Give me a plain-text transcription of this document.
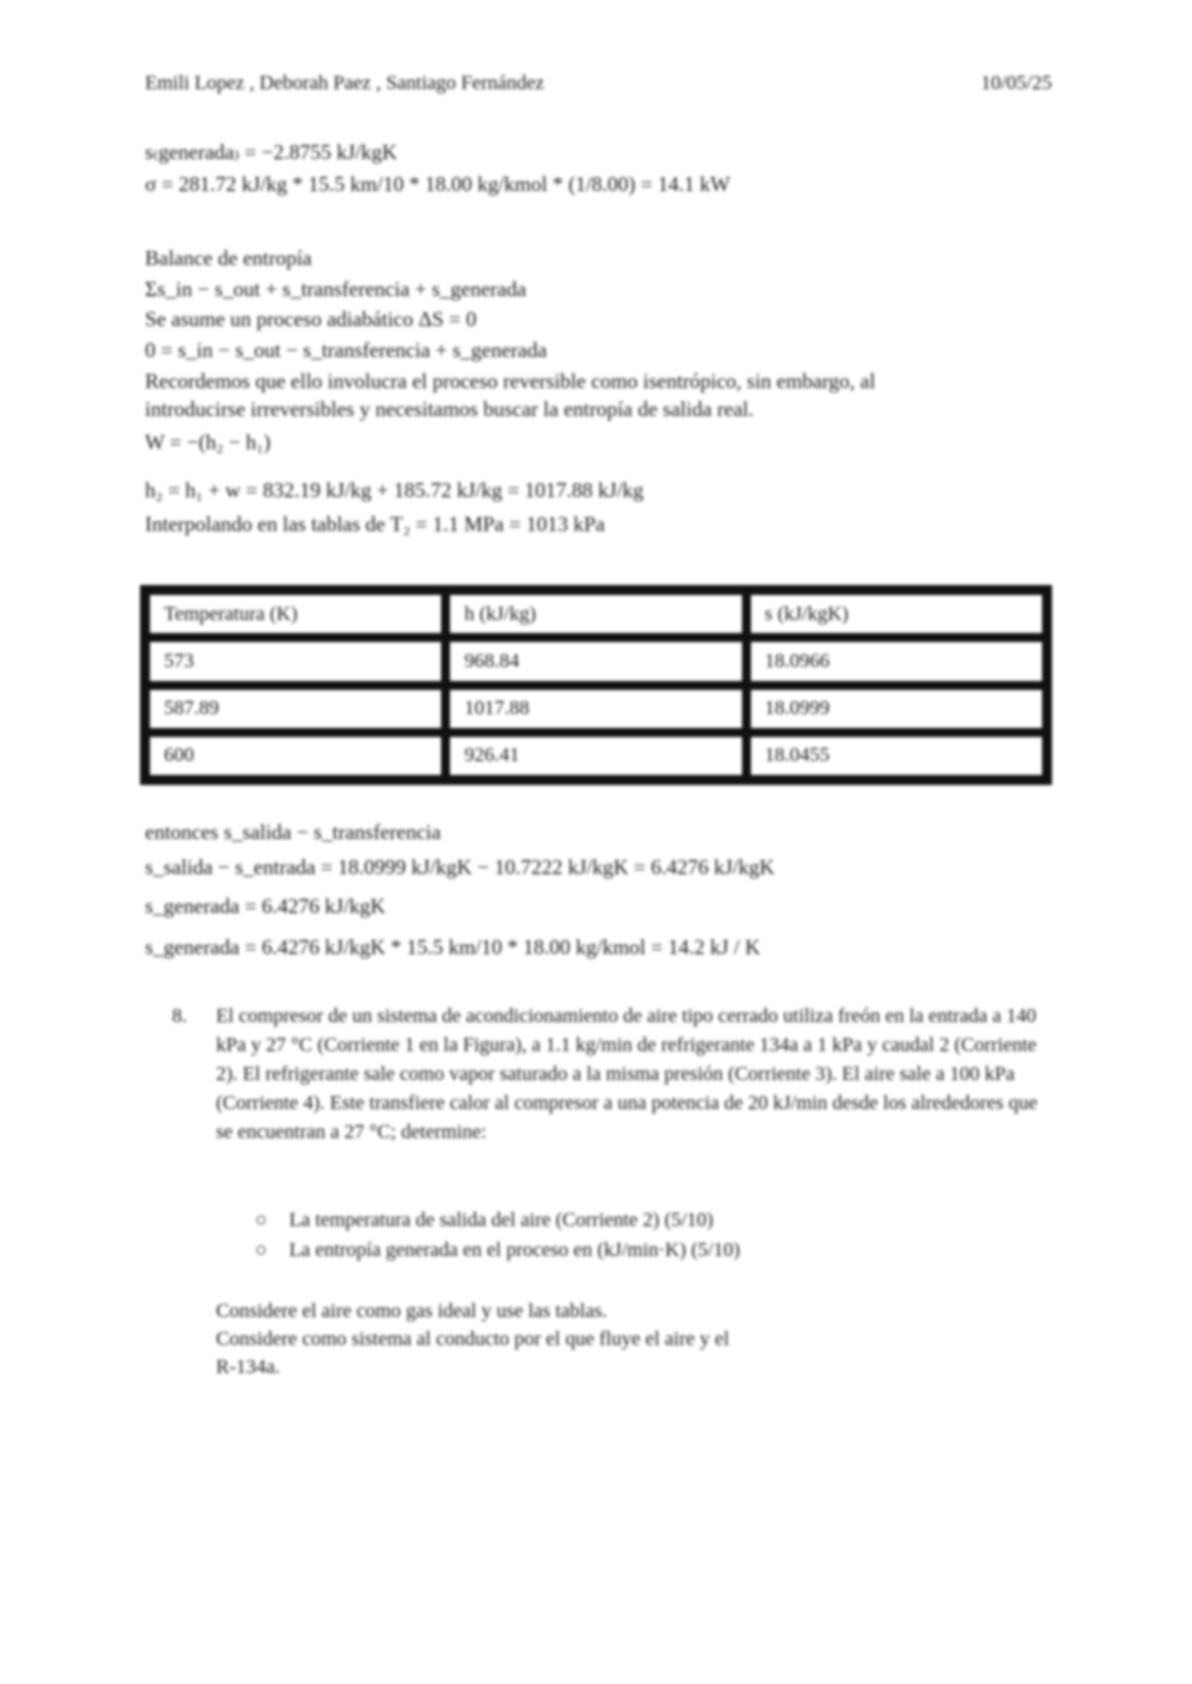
Emili Lopez , Deborah Paez , Santiago Fernández	10/05/25
s₍generada₎ = −2.8755 kJ/kgK
σ = 281.72 kJ/kg * 15.5 km/10 * 18.00 kg/kmol * (1/8.00) = 14.1 kW
Balance de entropía
Σs_in − s_out + s_transferencia + s_generada
Se asume un proceso adiabático ΔS = 0
0 = s_in − s_out − s_transferencia + s_generada
Recordemos que ello involucra el proceso reversible como isentrópico, sin embargo, al
introducirse irreversibles y necesitamos buscar la entropía de salida real.
W = −(h₂ − h₁)
h₂ = h₁ + w = 832.19 kJ/kg + 185.72 kJ/kg = 1017.88 kJ/kg
Interpolando en las tablas de T₂ = 1.1 MPa = 1013 kPa
Temperatura (K)	h (kJ/kg)	s (kJ/kgK)
573	968.84	18.0966
587.89	1017.88	18.0999
600	926.41	18.0455
entonces s_salida − s_transferencia
s_salida − s_entrada = 18.0999 kJ/kgK − 10.7222 kJ/kgK = 6.4276 kJ/kgK
s_generada = 6.4276 kJ/kgK
s_generada = 6.4276 kJ/kgK * 15.5 km/10 * 18.00 kg/kmol = 14.2 kJ / K
8. El compresor de un sistema de acondicionamiento de aire tipo cerrado utiliza freón en la entrada a 140 kPa y 27 °C (Corriente 1 en la Figura), a 1.1 kg/min de refrigerante 134a a 1 kPa y caudal 2 (Corriente 2). El refrigerante sale como vapor saturado a la misma presión (Corriente 3). El aire sale a 100 kPa (Corriente 4). Este transfiere calor al compresor a una potencia de 20 kJ/min desde los alrededores que se encuentran a 27 °C; determine:
○ La temperatura de salida del aire (Corriente 2) (5/10)
○ La entropía generada en el proceso en (kJ/min·K) (5/10)
Considere el aire como gas ideal y use las tablas.
Considere como sistema al conducto por el que fluye el aire y el
R-134a.
